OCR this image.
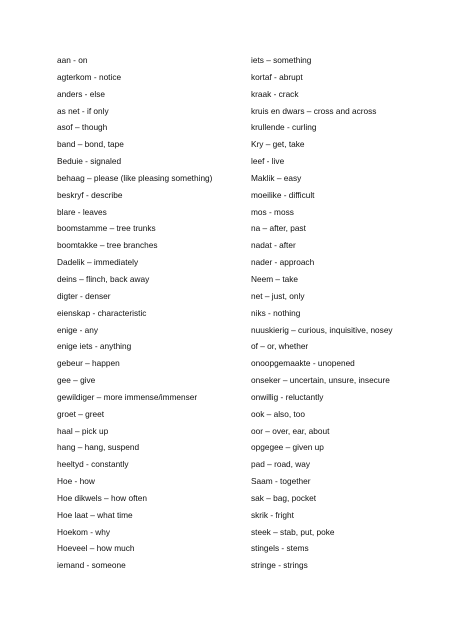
aan - on
agterkom - notice
anders - else
as net - if only
asof – though
band – bond, tape
Beduie - signaled
behaag – please (like pleasing something)
beskryf - describe
blare - leaves
boomstamme – tree trunks
boomtakke – tree branches
Dadelik – immediately
deins – flinch, back away
digter - denser
eienskap - characteristic
enige - any
enige iets - anything
gebeur – happen
gee – give
gewildiger – more immense/immenser
groet – greet
haal – pick up
hang – hang, suspend
heeltyd - constantly
Hoe - how
Hoe dikwels – how often
Hoe laat – what time
Hoekom - why
Hoeveel – how much
iemand - someone
iets – something
kortaf - abrupt
kraak - crack
kruis en dwars – cross and across
krullende - curling
Kry – get, take
leef - live
Maklik – easy
moeilike - difficult
mos - moss
na – after, past
nadat - after
nader - approach
Neem – take
net – just, only
niks - nothing
nuuskierig – curious, inquisitive, nosey
of – or, whether
onoopgemaakte - unopened
onseker – uncertain, unsure, insecure
onwillig - reluctantly
ook – also, too
oor – over, ear, about
opgegee – given up
pad – road, way
Saam - together
sak – bag, pocket
skrik - fright
steek – stab, put, poke
stingels - stems
stringe - strings
